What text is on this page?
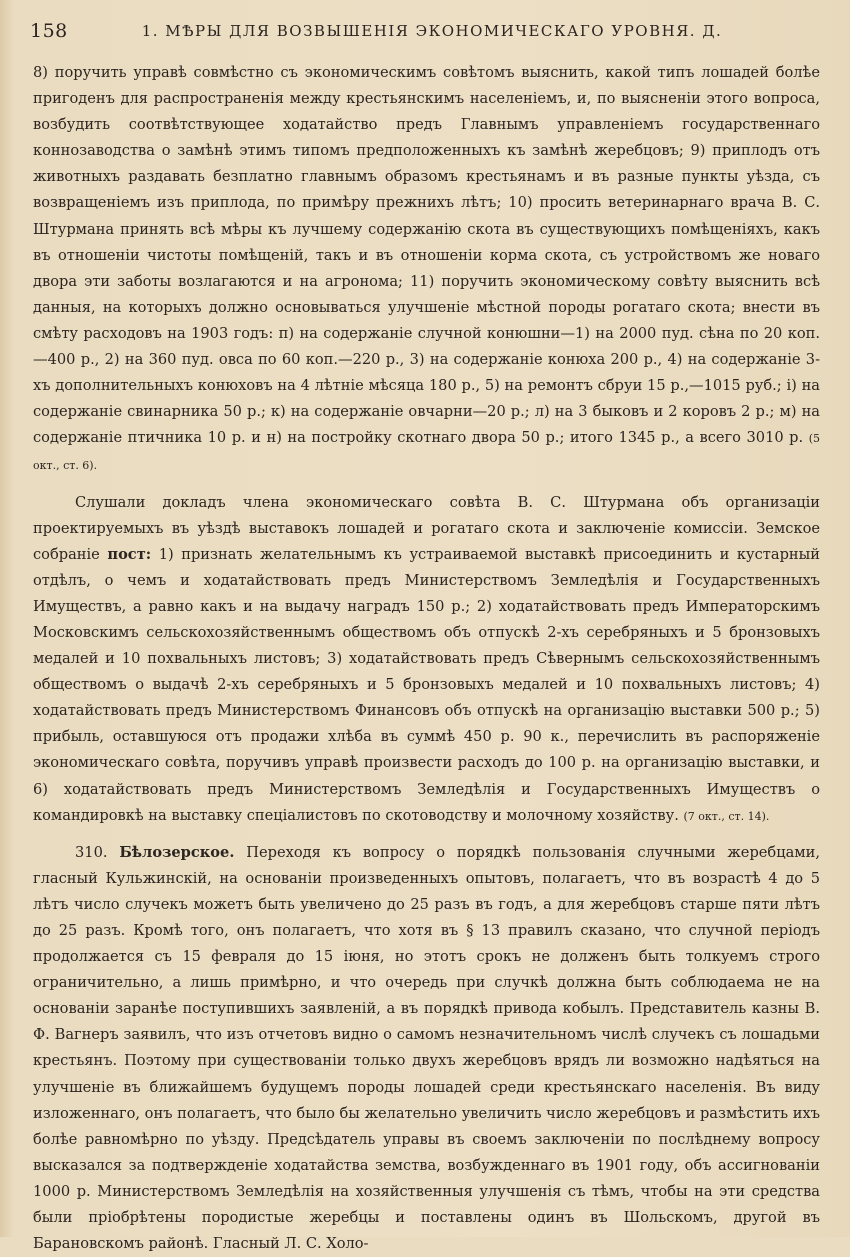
158	1. МѢРЫ ДЛЯ ВОЗВЫШЕНІЯ ЭКОНОМИЧЕСКАГО УРОВНЯ. Д.

8) поручить управѣ совмѣстно съ экономическимъ совѣтомъ выяснить, какой типъ лошадей болѣе пригоденъ для распространенія между крестьянскимъ населеніемъ, и, по выясненіи этого вопроса, возбудить соотвѣтствующее ходатайство предъ Главнымъ управленіемъ государственнаго коннозаводства о замѣнѣ этимъ типомъ предположенныхъ къ замѣнѣ жеребцовъ; 9) приплодъ отъ животныхъ раздавать безплатно главнымъ образомъ крестьянамъ и въ разные пункты уѣзда, съ возвращеніемъ изъ приплода, по примѣру прежнихъ лѣтъ; 10) просить ветеринарнаго врача В. С. Штурмана принять всѣ мѣры къ лучшему содержанію скота въ существующихъ помѣщеніяхъ, какъ въ отношеніи чистоты помѣщеній, такъ и въ отношеніи корма скота, съ устройствомъ же новаго двора эти заботы возлагаются и на агронома; 11) поручить экономическому совѣту выяснить всѣ данныя, на которыхъ должно основываться улучшеніе мѣстной породы рогатаго скота; внести въ смѣту расходовъ на 1903 годъ: п) на содержаніе случной конюшни—1) на 2000 пуд. сѣна по 20 коп.—400 р., 2) на 360 пуд. овса по 60 коп.—220 р., 3) на содержаніе конюха 200 р., 4) на содержаніе 3-хъ дополнительныхъ конюховъ на 4 лѣтніе мѣсяца 180 р., 5) на ремонтъ сбруи 15 р.,—1015 руб.; і) на содержаніе свинарника 50 р.; к) на содержаніе овчарни—20 р.; л) на 3 быковъ и 2 коровъ 2 р.; м) на содержаніе птичника 10 р. и н) на постройку скотнаго двора 50 р.; итого 1345 р., а всего 3010 р. (5 окт., ст. 6).

Слушали докладъ члена экономическаго совѣта В. С. Штурмана объ организаціи проектируемыхъ въ уѣздѣ выставокъ лошадей и рогатаго скота и заключеніе комиссіи. Земское собраніе пост: 1) признать желательнымъ къ устраиваемой выставкѣ присоединить и кустарный отдѣлъ, о чемъ и ходатайствовать предъ Министерствомъ Земледѣлія и Государственныхъ Имуществъ, а равно какъ и на выдачу наградъ 150 р.; 2) ходатайствовать предъ Императорскимъ Московскимъ сельскохозяйственнымъ обществомъ объ отпускѣ 2-хъ серебряныхъ и 5 бронзовыхъ медалей и 10 похвальныхъ листовъ; 3) ходатайствовать предъ Сѣвернымъ сельскохозяйственнымъ обществомъ о выдачѣ 2-хъ серебряныхъ и 5 бронзовыхъ медалей и 10 похвальныхъ листовъ; 4) ходатайствовать предъ Министерствомъ Финансовъ объ отпускѣ на организацію выставки 500 р.; 5) прибыль, оставшуюся отъ продажи хлѣба въ суммѣ 450 р. 90 к., перечислить въ распоряженіе экономическаго совѣта, поручивъ управѣ произвести расходъ до 100 р. на организацію выставки, и 6) ходатайствовать предъ Министерствомъ Земледѣлія и Государственныхъ Имуществъ о командировкѣ на выставку спеціалистовъ по скотоводству и молочному хозяйству. (7 окт., ст. 14).

310. Бѣлозерское. Переходя къ вопросу о порядкѣ пользованія случными жеребцами, гласный Кульжинскій, на основаніи произведенныхъ опытовъ, полагаетъ, что въ возрастѣ 4 до 5 лѣтъ число случекъ можетъ быть увеличено до 25 разъ въ годъ, а для жеребцовъ старше пяти лѣтъ до 25 разъ. Кромѣ того, онъ полагаетъ, что хотя въ § 13 правилъ сказано, что случной періодъ продолжается съ 15 февраля до 15 іюня, но этотъ срокъ не долженъ быть толкуемъ строго ограничительно, а лишь примѣрно, и что очередь при случкѣ должна быть соблюдаема не на основаніи заранѣе поступившихъ заявленій, а въ порядкѣ привода кобылъ. Представитель казны В. Ф. Вагнеръ заявилъ, что изъ отчетовъ видно о самомъ незначительномъ числѣ случекъ съ лошадьми крестьянъ. Поэтому при существованіи только двухъ жеребцовъ врядъ ли возможно надѣяться на улучшеніе въ ближайшемъ будущемъ породы лошадей среди крестьянскаго населенія. Въ виду изложеннаго, онъ полагаетъ, что было бы желательно увеличить число жеребцовъ и размѣстить ихъ болѣе равномѣрно по уѣзду. Предсѣдатель управы въ своемъ заключеніи по послѣднему вопросу высказался за подтвержденіе ходатайства земства, возбужденнаго въ 1901 году, объ ассигнованіи 1000 р. Министерствомъ Земледѣлія на хозяйственныя улучшенія съ тѣмъ, чтобы на эти средства были пріобрѣтены породистые жеребцы и поставлены одинъ въ Шольскомъ, другой въ Барановскомъ районѣ. Гласный Л. С. Холо-
